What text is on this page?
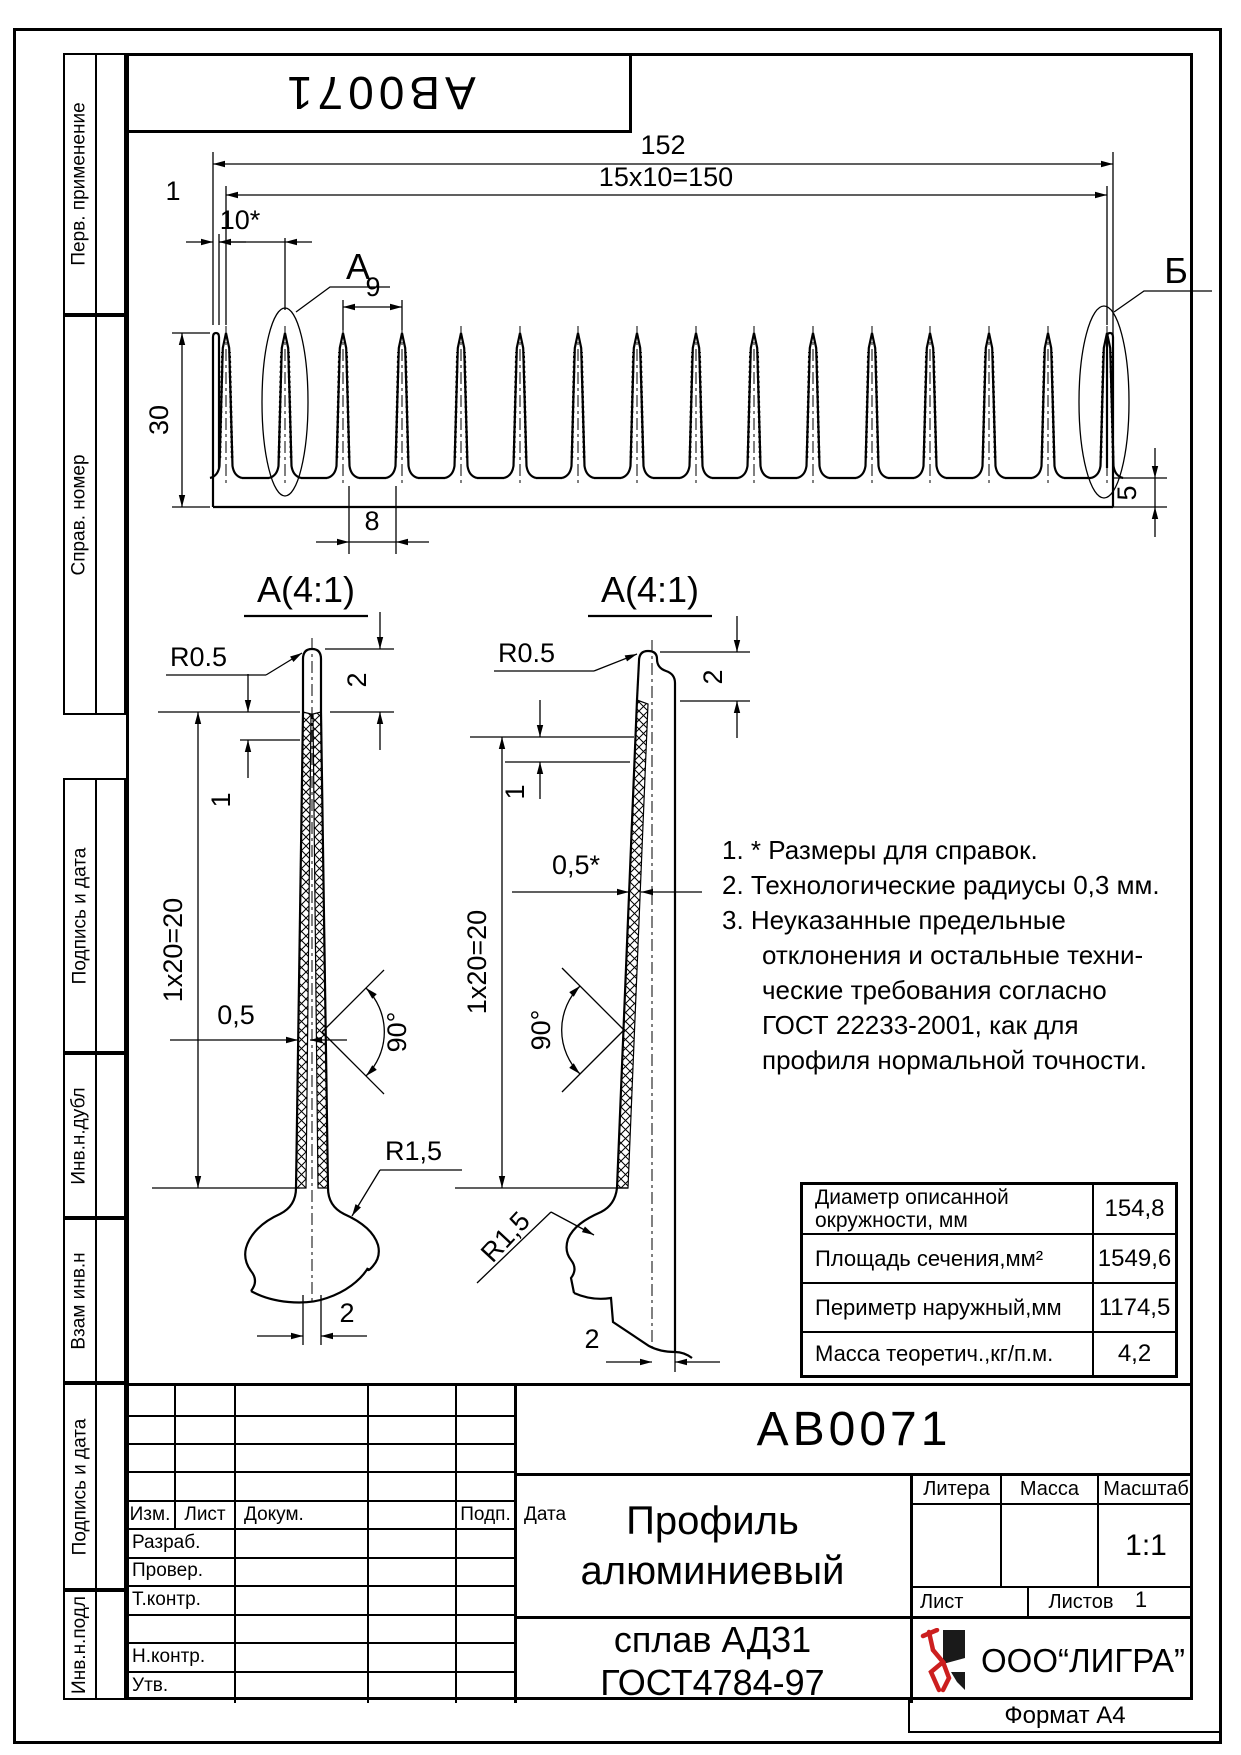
АВ0071
Перв. применение
Справ. номер
Подпись и дата
Инв.н.дубл
Взам инв.н
Подпись и дата
Инв.н.подл
152
15x10=150
1
10*
А
9
30
8
Б
5
А(4:1)
R0.5
2
1
1x20=20
0,5	90°
R1,5
2
А(4:1)
R0.5
2
1
1x20=20
0,5*
90°
R1,5
2
1. * Размеры для справок.
2. Технологические радиусы 0,3 мм.
3. Неуказанные предельные
отклонения и остальные техни-
ческие требования согласно
ГОСТ 22233-2001, как для
профиля нормальной точности.
Диаметр описанной
окружности, мм	154,8
Площадь сечения,мм²	1549,6
Периметр наружный,мм	1174,5
Масса теоретич.,кг/п.м.	4,2
Изм. Лист Докум.	Подп. Дата
Разраб.
Провер.
Т.контр.
Н.контр.
Утв.
АВ0071
Профиль
алюминиевый
сплав АД31
ГОСТ4784-97
Литера	Масса	Масштаб
1:1
Лист	Листов 1
ООО“ЛИГРА”
Формат А4
